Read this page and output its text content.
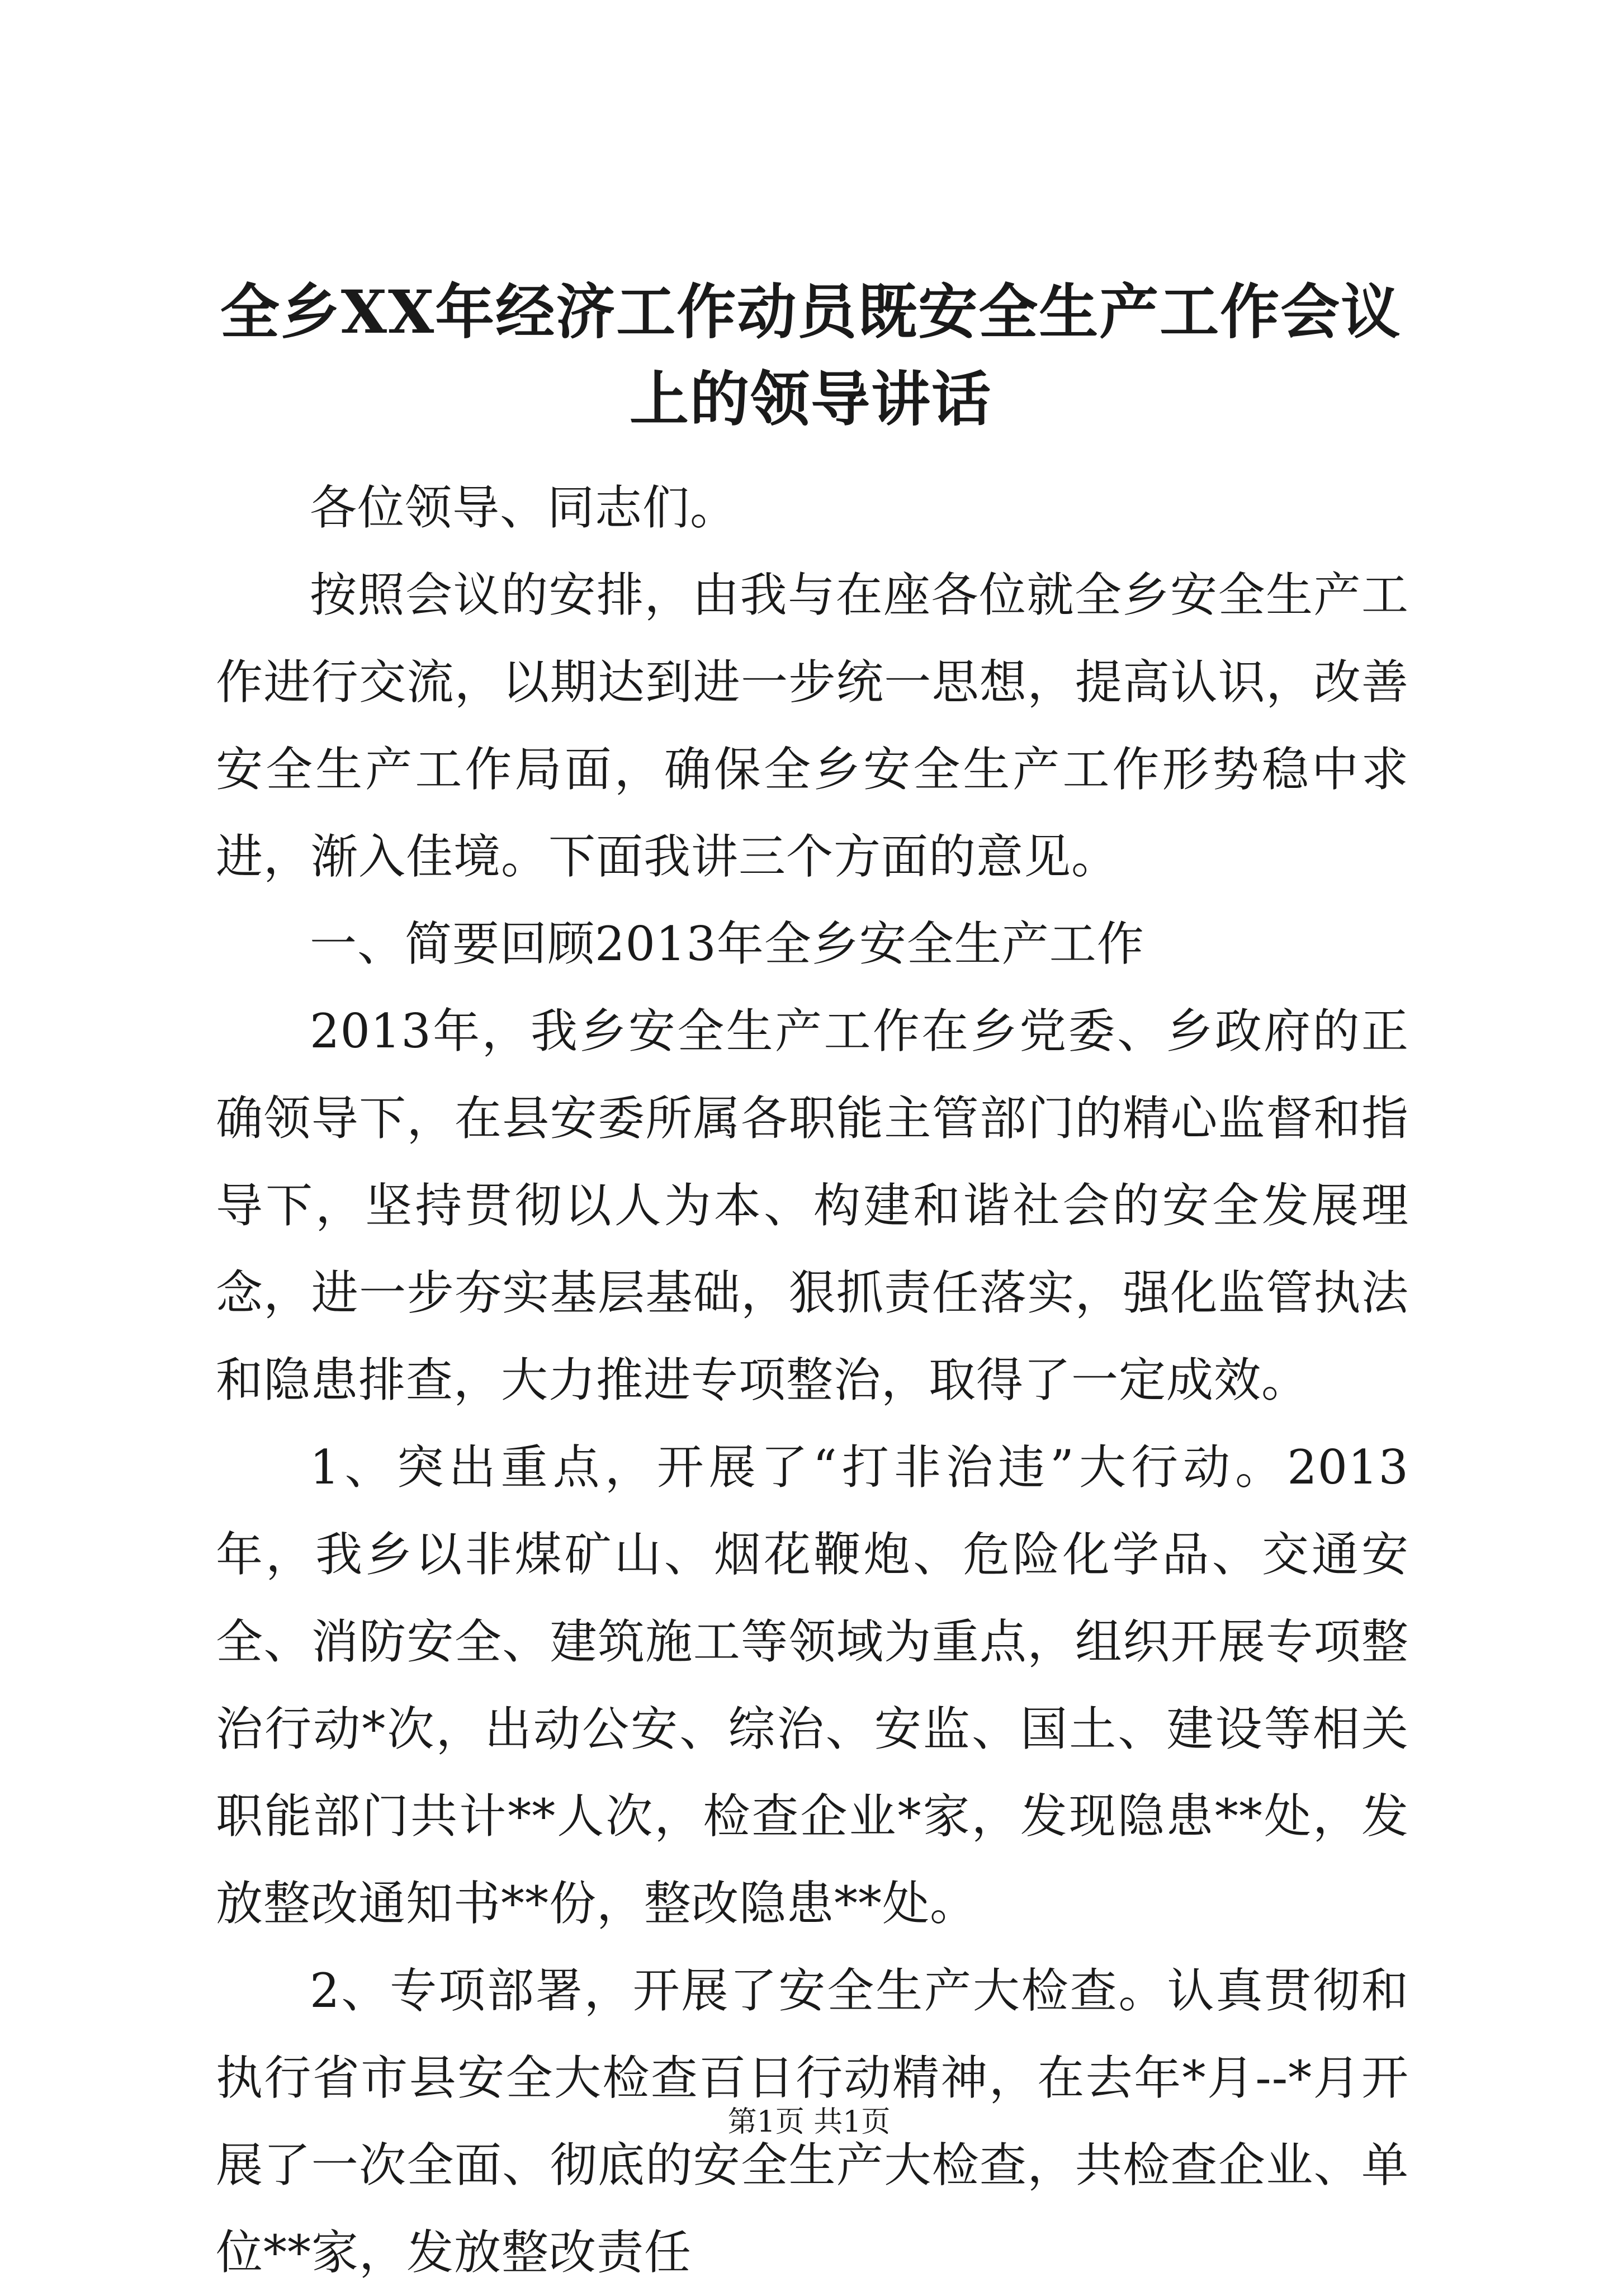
全乡XX年经济工作动员既安全生产工作会议上的领导讲话

各位领导、同志们。

按照会议的安排，由我与在座各位就全乡安全生产工作进行交流，以期达到进一步统一思想，提高认识，改善安全生产工作局面，确保全乡安全生产工作形势稳中求进，渐入佳境。下面我讲三个方面的意见。

一、简要回顾2013年全乡安全生产工作

2013年，我乡安全生产工作在乡党委、乡政府的正确领导下，在县安委所属各职能主管部门的精心监督和指导下，坚持贯彻以人为本、构建和谐社会的安全发展理念，进一步夯实基层基础，狠抓责任落实，强化监管执法和隐患排查，大力推进专项整治，取得了一定成效。

1、突出重点，开展了“打非治违”大行动。2013年，我乡以非煤矿山、烟花鞭炮、危险化学品、交通安全、消防安全、建筑施工等领域为重点，组织开展专项整治行动*次，出动公安、综治、安监、国土、建设等相关职能部门共计**人次，检查企业*家，发现隐患**处，发放整改通知书**份，整改隐患**处。

2、专项部署，开展了安全生产大检查。认真贯彻和执行省市县安全大检查百日行动精神，在去年*月--*月开展了一次全面、彻底的安全生产大检查，共检查企业、单位**家，发放整改责任

第1页 共1页
